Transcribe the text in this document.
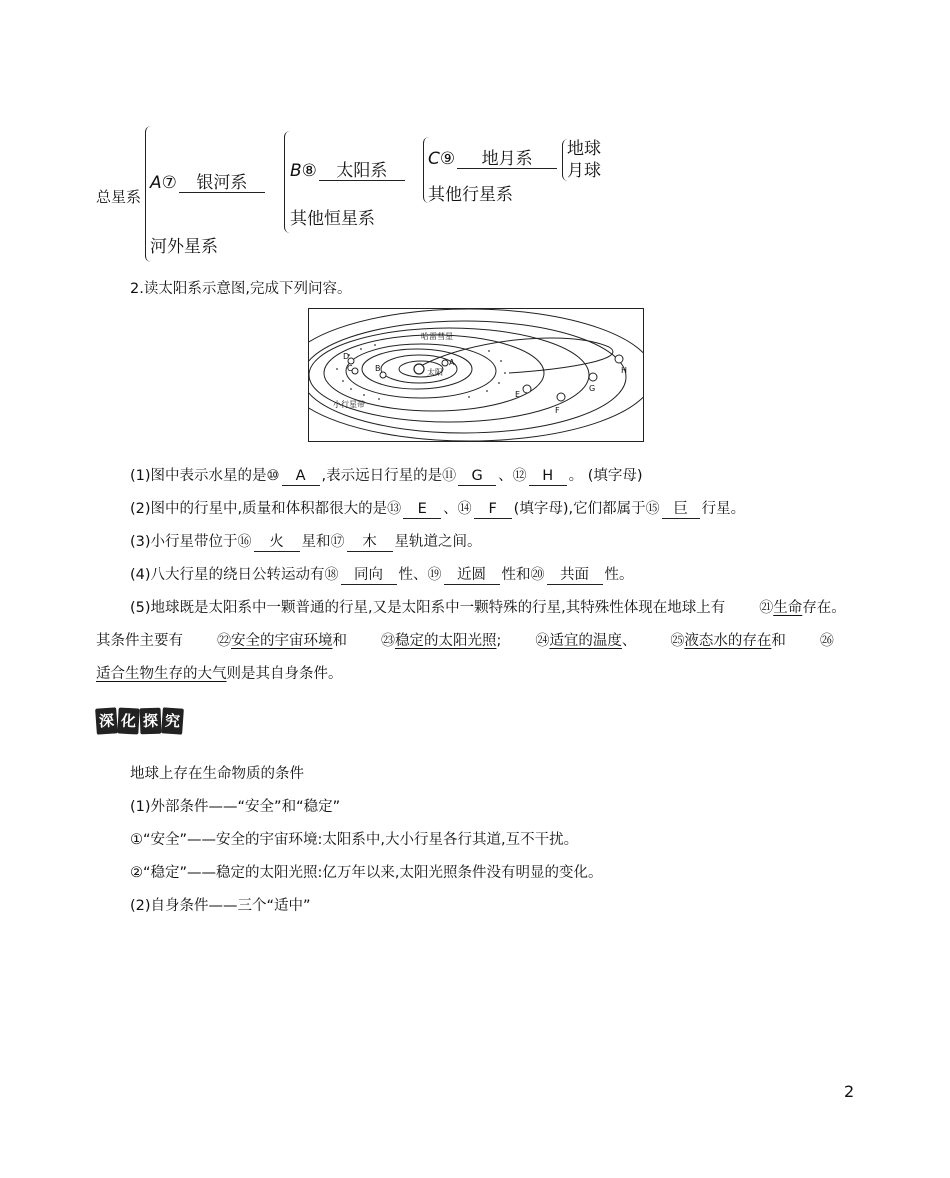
总星系
A⑦ 银河系
河外星系
B⑧ 太阳系
其他恒星系
C⑨ 地月系
其他行星系
地球
月球
2.读太阳系示意图,完成下列问容。
哈雷彗星
小行星带
太阳
A
B
C
D
E
F
G
H
(1)图中表示水星的是⑩ A ,表示远日行星的是⑪ G 、⑫ H 。 (填字母)
(2)图中的行星中,质量和体积都很大的是⑬ E 、⑭ F (填字母),它们都属于⑮ 巨 行星。
(3)小行星带位于⑯ 火 星和⑰ 木 星轨道之间。
(4)八大行星的绕日公转运动有⑱ 同向 性、⑲ 近圆 性和⑳ 共面 性。
(5)地球既是太阳系中一颗普通的行星,又是太阳系中一颗特殊的行星,其特殊性体现在地球上有 ㉑生命存在。其条件主要有 ㉒安全的宇宙环境和 ㉓稳定的太阳光照; ㉔适宜的温度、 ㉕液态水的存在和 ㉖适合生物生存的大气则是其自身条件。
深 化 探 究
地球上存在生命物质的条件
(1)外部条件——“安全”和“稳定”
①“安全”——安全的宇宙环境:太阳系中,大小行星各行其道,互不干扰。
②“稳定”——稳定的太阳光照:亿万年以来,太阳光照条件没有明显的变化。
(2)自身条件——三个“适中”
2
